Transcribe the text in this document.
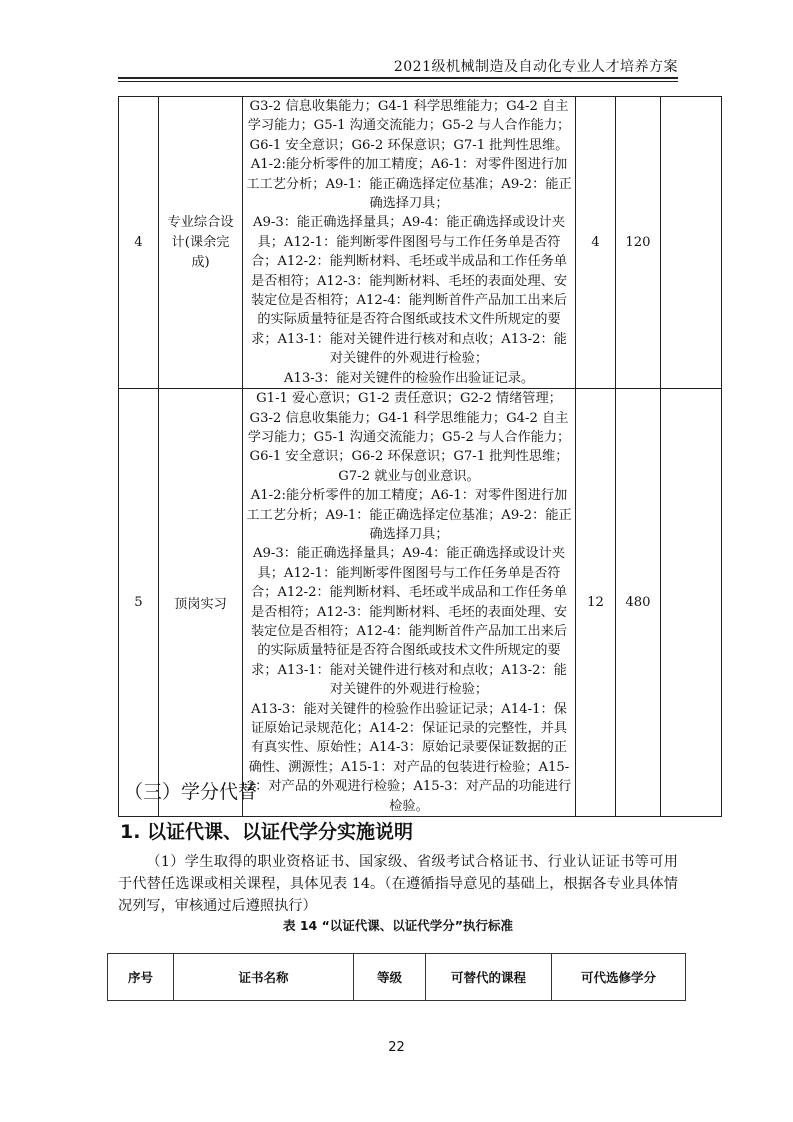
2021级机械制造及自动化专业人才培养方案
4	专业综合设计(课余完成)	G3-2 信息收集能力；G4-1 科学思维能力；G4-2 自主学习能力；G5-1 沟通交流能力；G5-2 与人合作能力；G6-1 安全意识；G6-2 环保意识；G7-1 批判性思维。

A1-2:能分析零件的加工精度；A6-1：对零件图进行加工工艺分析；A9-1：能正确选择定位基准；A9-2：能正确选择刀具；

A9-3：能正确选择量具；A9-4：能正确选择或设计夹具；A12-1：能判断零件图图号与工作任务单是否符合；A12-2：能判断材料、毛坯或半成品和工作任务单是否相符；A12-3：能判断材料、毛坯的表面处理、安装定位是否相符；A12-4：能判断首件产品加工出来后的实际质量特征是否符合图纸或技术文件所规定的要求；A13-1：能对关键件进行核对和点收；A13-2：能对关键件的外观进行检验；

A13-3：能对关键件的检验作出验证记录。	4	120	
5	顶岗实习	G1-1 爱心意识；G1-2 责任意识；G2-2 情绪管理；G3-2 信息收集能力；G4-1 科学思维能力；G4-2 自主学习能力；G5-1 沟通交流能力；G5-2 与人合作能力；G6-1 安全意识；G6-2 环保意识；G7-1 批判性思维；G7-2 就业与创业意识。

A1-2:能分析零件的加工精度；A6-1：对零件图进行加工工艺分析；A9-1：能正确选择定位基准；A9-2：能正确选择刀具；

A9-3：能正确选择量具；A9-4：能正确选择或设计夹具；A12-1：能判断零件图图号与工作任务单是否符合；A12-2：能判断材料、毛坯或半成品和工作任务单是否相符；A12-3：能判断材料、毛坯的表面处理、安装定位是否相符；A12-4：能判断首件产品加工出来后的实际质量特征是否符合图纸或技术文件所规定的要求；A13-1：能对关键件进行核对和点收；A13-2：能对关键件的外观进行检验；

A13-3：能对关键件的检验作出验证记录；A14-1：保证原始记录规范化；A14-2：保证记录的完整性，并具有真实性、原始性；A14-3：原始记录要保证数据的正确性、溯源性；A15-1：对产品的包装进行检验；A15-2：对产品的外观进行检验；A15-3：对产品的功能进行检验。	12	480	
（三）学分代替
1. 以证代课、以证代学分实施说明

（1）学生取得的职业资格证书、国家级、省级考试合格证书、行业认证证书等可用于代替任选课或相关课程，具体见表 14。（在遵循指导意见的基础上，根据各专业具体情况列写，审核通过后遵照执行）

表 14 “以证代课、以证代学分”执行标准
序号	证书名称	等级	可替代的课程	可代选修学分
22
